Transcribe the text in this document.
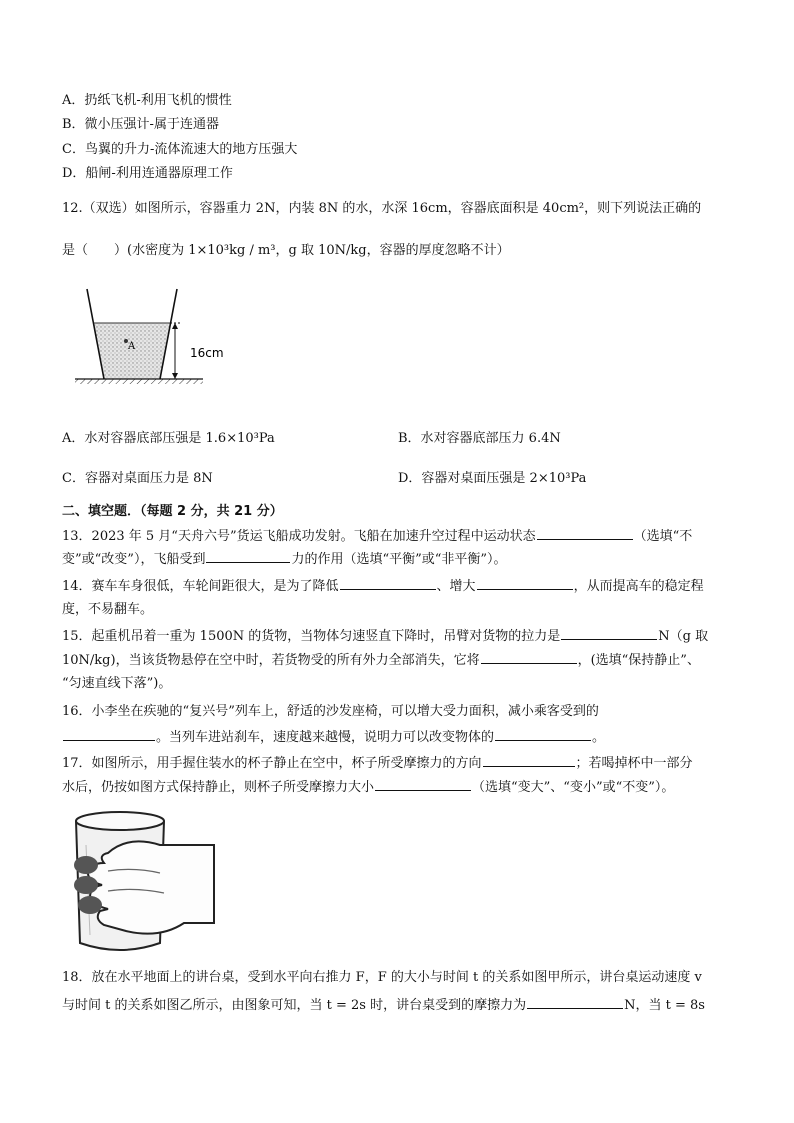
A．扔纸飞机-利用飞机的惯性
B．微小压强计-属于连通器
C．鸟翼的升力-流体流速大的地方压强大
D．船闸-利用连通器原理工作
12.（双选）如图所示，容器重力 2N，内装 8N 的水，水深 16cm，容器底面积是 40cm²，则下列说法正确的
是（　　）(水密度为 1×10³kg / m³，g 取 10N/kg，容器的厚度忽略不计）
A	16cm
A．水对容器底部压强是 1.6×10³Pa	B．水对容器底部压力 6.4N
C．容器对桌面压力是 8N	D．容器对桌面压强是 2×10³Pa
二、填空题．（每题 2 分，共 21 分）
13．2023 年 5 月“天舟六号”货运飞船成功发射。飞船在加速升空过程中运动状态	（选填“不
变”或“改变”），飞船受到	力的作用（选填“平衡”或“非平衡”）。
14．赛车车身很低，车轮间距很大，是为了降低	、增大	，从而提高车的稳定程
度，不易翻车。
15．起重机吊着一重为 1500N 的货物，当物体匀速竖直下降时，吊臂对货物的拉力是	N（g 取
10N/kg)，当该货物悬停在空中时，若货物受的所有外力全部消失，它将	，(选填“保持静止”、
“匀速直线下落”)。
16．小李坐在疾驰的“复兴号”列车上，舒适的沙发座椅，可以增大受力面积，减小乘客受到的
。当列车进站刹车，速度越来越慢，说明力可以改变物体的	。
17．如图所示，用手握住装水的杯子静止在空中，杯子所受摩擦力的方向	；若喝掉杯中一部分
水后，仍按如图方式保持静止，则杯子所受摩擦力大小	（选填“变大”、“变小”或“不变”）。
18．放在水平地面上的讲台桌，受到水平向右推力 F，F 的大小与时间 t 的关系如图甲所示，讲台桌运动速度 v
与时间 t 的关系如图乙所示，由图象可知，当 t = 2s 时，讲台桌受到的摩擦力为	N，当 t = 8s
